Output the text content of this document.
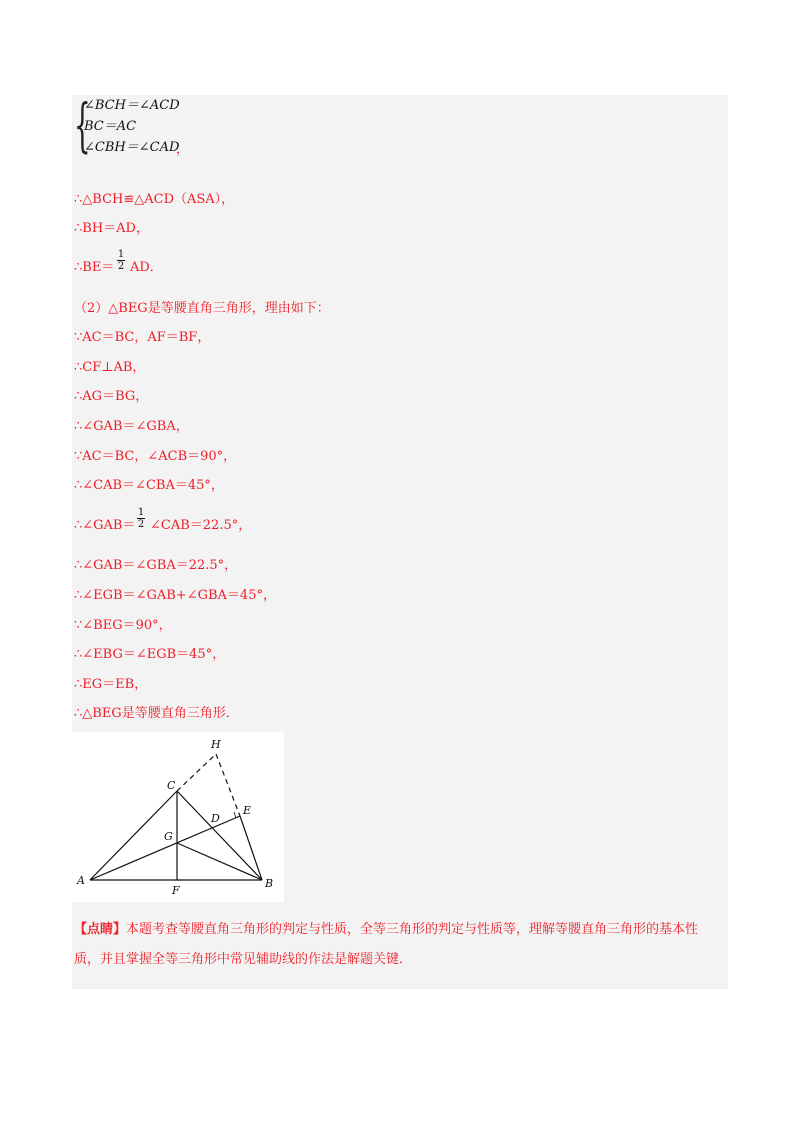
{
∠BCH＝∠ACD
BC＝AC
∠CBH＝∠CAD
，
∴△BCH≌△ACD（ASA），
∴BH＝AD，
∴BE＝
1
2 AD．
（2）△BEG是等腰直角三角形，理由如下：
∵AC＝BC，AF＝BF，
∴CF⊥AB，
∴AG＝BG，
∴∠GAB＝∠GBA，
∵AC＝BC，∠ACB＝90°，
∴∠CAB＝∠CBA＝45°，
∴∠GAB＝
1
2 ∠CAB＝22.5°，
∴∠GAB＝∠GBA＝22.5°，
∴∠EGB＝∠GAB+∠GBA＝45°，
∵∠BEG＝90°，
∴∠EBG＝∠EGB＝45°，
∴EG＝EB，
∴△BEG是等腰直角三角形．
H
C
E
D
G
A
F
B
【点睛】本题考查等腰直角三角形的判定与性质，全等三角形的判定与性质等，理解等腰直角三角形的基本性质，并且掌握全等三角形中常见辅助线的作法是解题关键．
